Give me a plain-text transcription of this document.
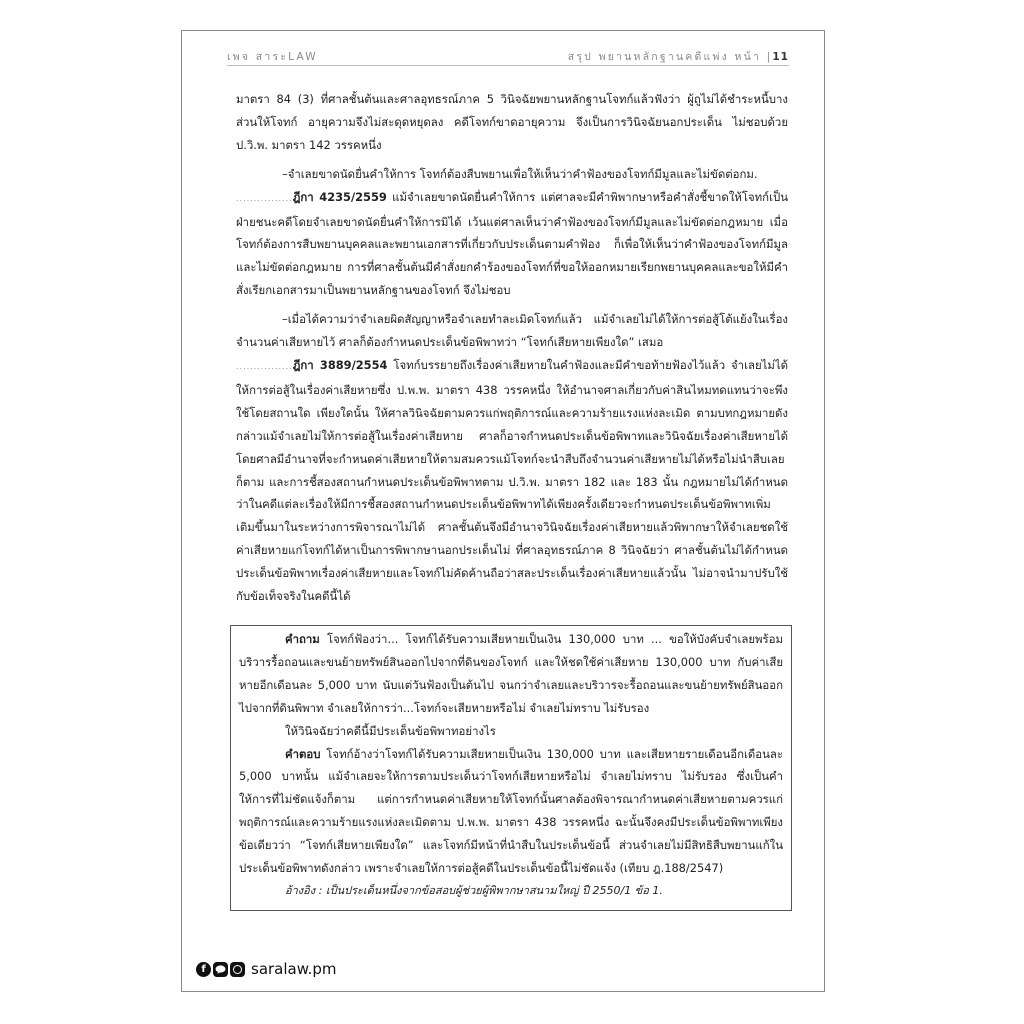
เพจ สาระLAW	สรุป พยานหลักฐานคดีแพ่ง หน้า |11

มาตรา 84 (3) ที่ศาลชั้นต้นและศาลอุทธรณ์ภาค 5 วินิจฉัยพยานหลักฐานโจทก์แล้วฟังว่า ผู้ถูไม่ได้ชำระหนี้บางส่วนให้โจทก์ อายุความจึงไม่สะดุดหยุดลง คดีโจทก์ขาดอายุความ จึงเป็นการวินิจฉัยนอกประเด็น ไม่ชอบด้วย ป.วิ.พ. มาตรา 142 วรรคหนึ่ง

–จำเลยขาดนัดยื่นคำให้การ โจทก์ต้องสืบพยานเพื่อให้เห็นว่าคำฟ้องของโจทก์มีมูลและไม่ขัดต่อกม.

................ฎีกา 4235/2559 แม้จำเลยขาดนัดยื่นคำให้การ แต่ศาลจะมีคำพิพากษาหรือคำสั่งชี้ขาดให้โจทก์เป็นฝ่ายชนะคดีโดยจำเลยขาดนัดยื่นคำให้การมิได้ เว้นแต่ศาลเห็นว่าคำฟ้องของโจทก์มีมูลและไม่ขัดต่อกฎหมาย เมื่อโจทก์ต้องการสืบพยานบุคคลและพยานเอกสารที่เกี่ยวกับประเด็นตามคำฟ้อง ก็เพื่อให้เห็นว่าคำฟ้องของโจทก์มีมูลและไม่ขัดต่อกฎหมาย การที่ศาลชั้นต้นมีคำสั่งยกคำร้องของโจทก์ที่ขอให้ออกหมายเรียกพยานบุคคลและขอให้มีคำสั่งเรียกเอกสารมาเป็นพยานหลักฐานของโจทก์ จึงไม่ชอบ

–เมื่อได้ความว่าจำเลยผิดสัญญาหรือจำเลยทำละเมิดโจทก์แล้ว แม้จำเลยไม่ได้ให้การต่อสู้โต้แย้งในเรื่องจำนวนค่าเสียหายไว้ ศาลก็ต้องกำหนดประเด็นข้อพิพาทว่า “โจทก์เสียหายเพียงใด” เสมอ

................ฎีกา 3889/2554 โจทก์บรรยายถึงเรื่องค่าเสียหายในคำฟ้องและมีคำขอท้ายฟ้องไว้แล้ว จำเลยไม่ได้ให้การต่อสู้ในเรื่องค่าเสียหายซึ่ง ป.พ.พ. มาตรา 438 วรรคหนึ่ง ให้อำนาจศาลเกี่ยวกับค่าสินไหมทดแทนว่าจะพึงใช้โดยสถานใด เพียงใดนั้น ให้ศาลวินิจฉัยตามควรแก่พฤติการณ์และความร้ายแรงแห่งละเมิด ตามบทกฎหมายดังกล่าวแม้จำเลยไม่ให้การต่อสู้ในเรื่องค่าเสียหาย ศาลก็อาจกำหนดประเด็นข้อพิพาทและวินิจฉัยเรื่องค่าเสียหายได้ โดยศาลมีอำนาจที่จะกำหนดค่าเสียหายให้ตามสมควรแม้โจทก์จะนำสืบถึงจำนวนค่าเสียหายไม่ได้หรือไม่นำสืบเลยก็ตาม และการชี้สองสถานกำหนดประเด็นข้อพิพาทตาม ป.วิ.พ. มาตรา 182 และ 183 นั้น กฎหมายไม่ได้กำหนดว่าในคดีแต่ละเรื่องให้มีการชี้สองสถานกำหนดประเด็นข้อพิพาทได้เพียงครั้งเดียวจะกำหนดประเด็นข้อพิพาทเพิ่มเติมขึ้นมาในระหว่างการพิจารณาไม่ได้ ศาลชั้นต้นจึงมีอำนาจวินิจฉัยเรื่องค่าเสียหายแล้วพิพากษาให้จำเลยชดใช้ค่าเสียหายแก่โจทก์ได้หาเป็นการพิพากษานอกประเด็นไม่ ที่ศาลอุทธรณ์ภาค 8 วินิจฉัยว่า ศาลชั้นต้นไม่ได้กำหนดประเด็นข้อพิพาทเรื่องค่าเสียหายและโจทก์ไม่คัดค้านถือว่าสละประเด็นเรื่องค่าเสียหายแล้วนั้น ไม่อาจนำมาปรับใช้กับข้อเท็จจริงในคดีนี้ได้

คำถาม โจทก์ฟ้องว่า... โจทก์ได้รับความเสียหายเป็นเงิน 130,000 บาท ... ขอให้บังคับจำเลยพร้อมบริวารรื้อถอนและขนย้ายทรัพย์สินออกไปจากที่ดินของโจทก์ และให้ชดใช้ค่าเสียหาย 130,000 บาท กับค่าเสียหายอีกเดือนละ 5,000 บาท นับแต่วันฟ้องเป็นต้นไป จนกว่าจำเลยและบริวารจะรื้อถอนและขนย้ายทรัพย์สินออกไปจากที่ดินพิพาท จำเลยให้การว่า...โจทก์จะเสียหายหรือไม่ จำเลยไม่ทราบ ไม่รับรอง

ให้วินิจฉัยว่าคดีนี้มีประเด็นข้อพิพาทอย่างไร

คำตอบ โจทก์อ้างว่าโจทก์ได้รับความเสียหายเป็นเงิน 130,000 บาท และเสียหายรายเดือนอีกเดือนละ 5,000 บาทนั้น แม้จำเลยจะให้การตามประเด็นว่าโจทก์เสียหายหรือไม่ จำเลยไม่ทราบ ไม่รับรอง ซึ่งเป็นคำให้การที่ไม่ชัดแจ้งก็ตาม แต่การกำหนดค่าเสียหายให้โจทก์นั้นศาลต้องพิจารณากำหนดค่าเสียหายตามควรแก่พฤติการณ์และความร้ายแรงแห่งละเมิดตาม ป.พ.พ. มาตรา 438 วรรคหนึ่ง ฉะนั้นจึงคงมีประเด็นข้อพิพาทเพียงข้อเดียวว่า “โจทก์เสียหายเพียงใด” และโจทก์มีหน้าที่นำสืบในประเด็นข้อนี้ ส่วนจำเลยไม่มีสิทธิสืบพยานแก้ในประเด็นข้อพิพาทดังกล่าว เพราะจำเลยให้การต่อสู้คดีในประเด็นข้อนี้ไม่ชัดแจ้ง (เทียบ ฎ.188/2547)

อ้างอิง : เป็นประเด็นหนึ่งจากข้อสอบผู้ช่วยผู้พิพากษาสนามใหญ่ ปี 2550/1 ข้อ 1.

f	saralaw.pm
